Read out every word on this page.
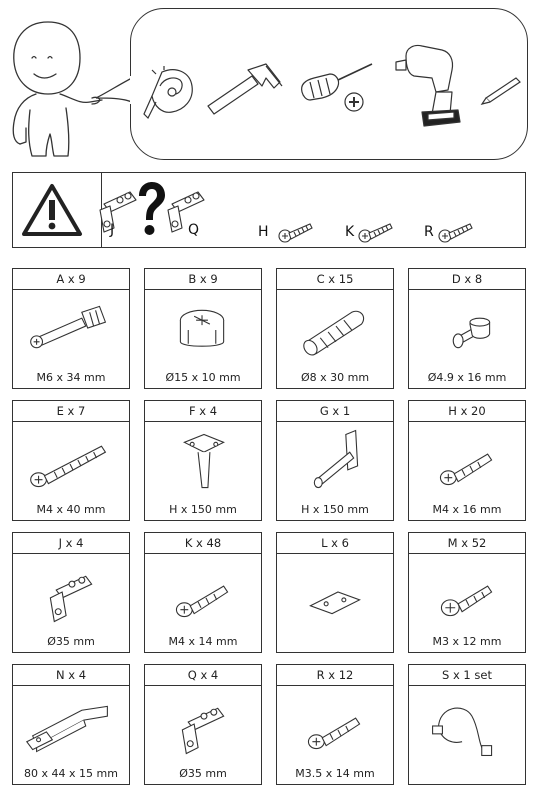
J	Q	H	K	R
A x 9
M6 x 34 mm
B x 9
Ø15 x 10 mm
C x 15
Ø8 x 30 mm
D x 8
Ø4.9 x 16 mm
E x 7
M4 x 40 mm
F x 4
H x 150 mm
G x 1
H x 150 mm
H x 20
M4 x 16 mm
J x 4
Ø35 mm
K x 48
M4 x 14 mm
L x 6	M x 52
M3 x 12 mm
N x 4
80 x 44 x 15 mm
Q x 4
Ø35 mm
R x 12
M3.5 x 14 mm
S x 1 set
